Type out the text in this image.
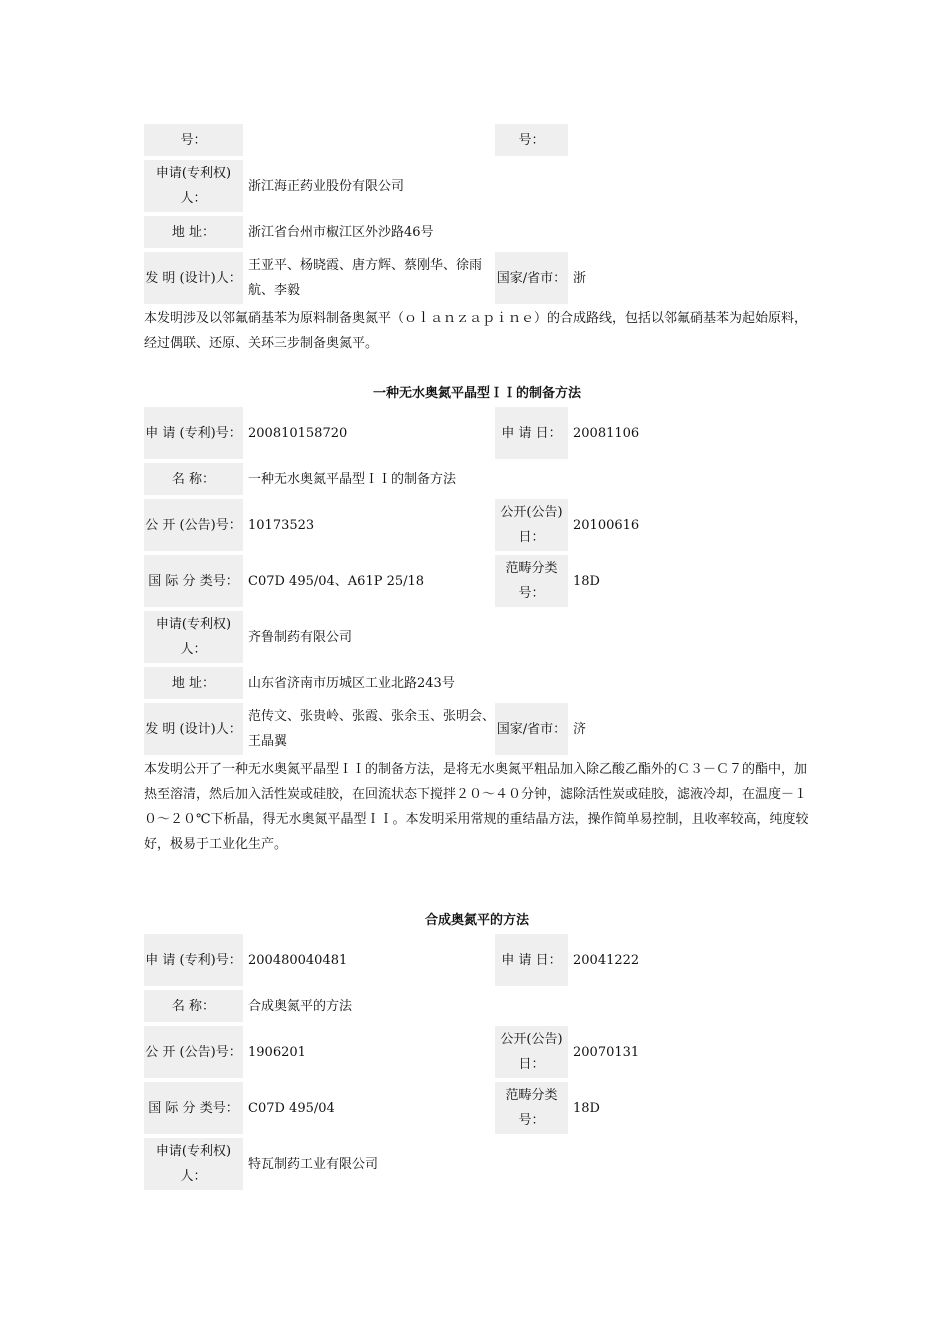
号：				号：		

申请(专利权)人：		浙江海正药业股份有限公司			

地 址：		浙江省台州市椒江区外沙路46号			

发 明 (设计)人：		王亚平、杨晓霞、唐方辉、蔡刚华、徐雨航、李毅		国家/省市：		浙

本发明涉及以邻氟硝基苯为原料制备奥氮平（ｏｌａｎｚａｐｉｎｅ）的合成路线，包括以邻氟硝基苯为起始原料，经过偶联、还原、关环三步制备奥氮平。

一种无水奥氮平晶型ＩＩ的制备方法

申 请 (专利)号：		200810158720		申 请 日：		20081106

名 称：		一种无水奥氮平晶型ＩＩ的制备方法			

公 开 (公告)号：		10173523		公开(公告)日：		20100616

国 际 分 类号：		C07D 495/04、A61P 25/18		范畴分类号：		18D

申请(专利权)人：		齐鲁制药有限公司			

地 址：		山东省济南市历城区工业北路243号			

发 明 (设计)人：		范传文、张贵岭、张霞、张余玉、张明会、王晶翼		国家/省市：		济

本发明公开了一种无水奥氮平晶型ＩＩ的制备方法，是将无水奥氮平粗品加入除乙酸乙酯外的Ｃ３－Ｃ７的酯中，加热至溶清，然后加入活性炭或硅胶，在回流状态下搅拌２０～４０分钟，滤除活性炭或硅胶，滤液冷却，在温度－１０～２０℃下析晶，得无水奥氮平晶型ＩＩ。本发明采用常规的重结晶方法，操作简单易控制，且收率较高，纯度较好，极易于工业化生产。

合成奥氮平的方法

申 请 (专利)号：		200480040481		申 请 日：		20041222

名 称：		合成奥氮平的方法			

公 开 (公告)号：		1906201		公开(公告)日：		20070131

国 际 分 类号：		C07D 495/04		范畴分类号：		18D

申请(专利权)人：		特瓦制药工业有限公司			
